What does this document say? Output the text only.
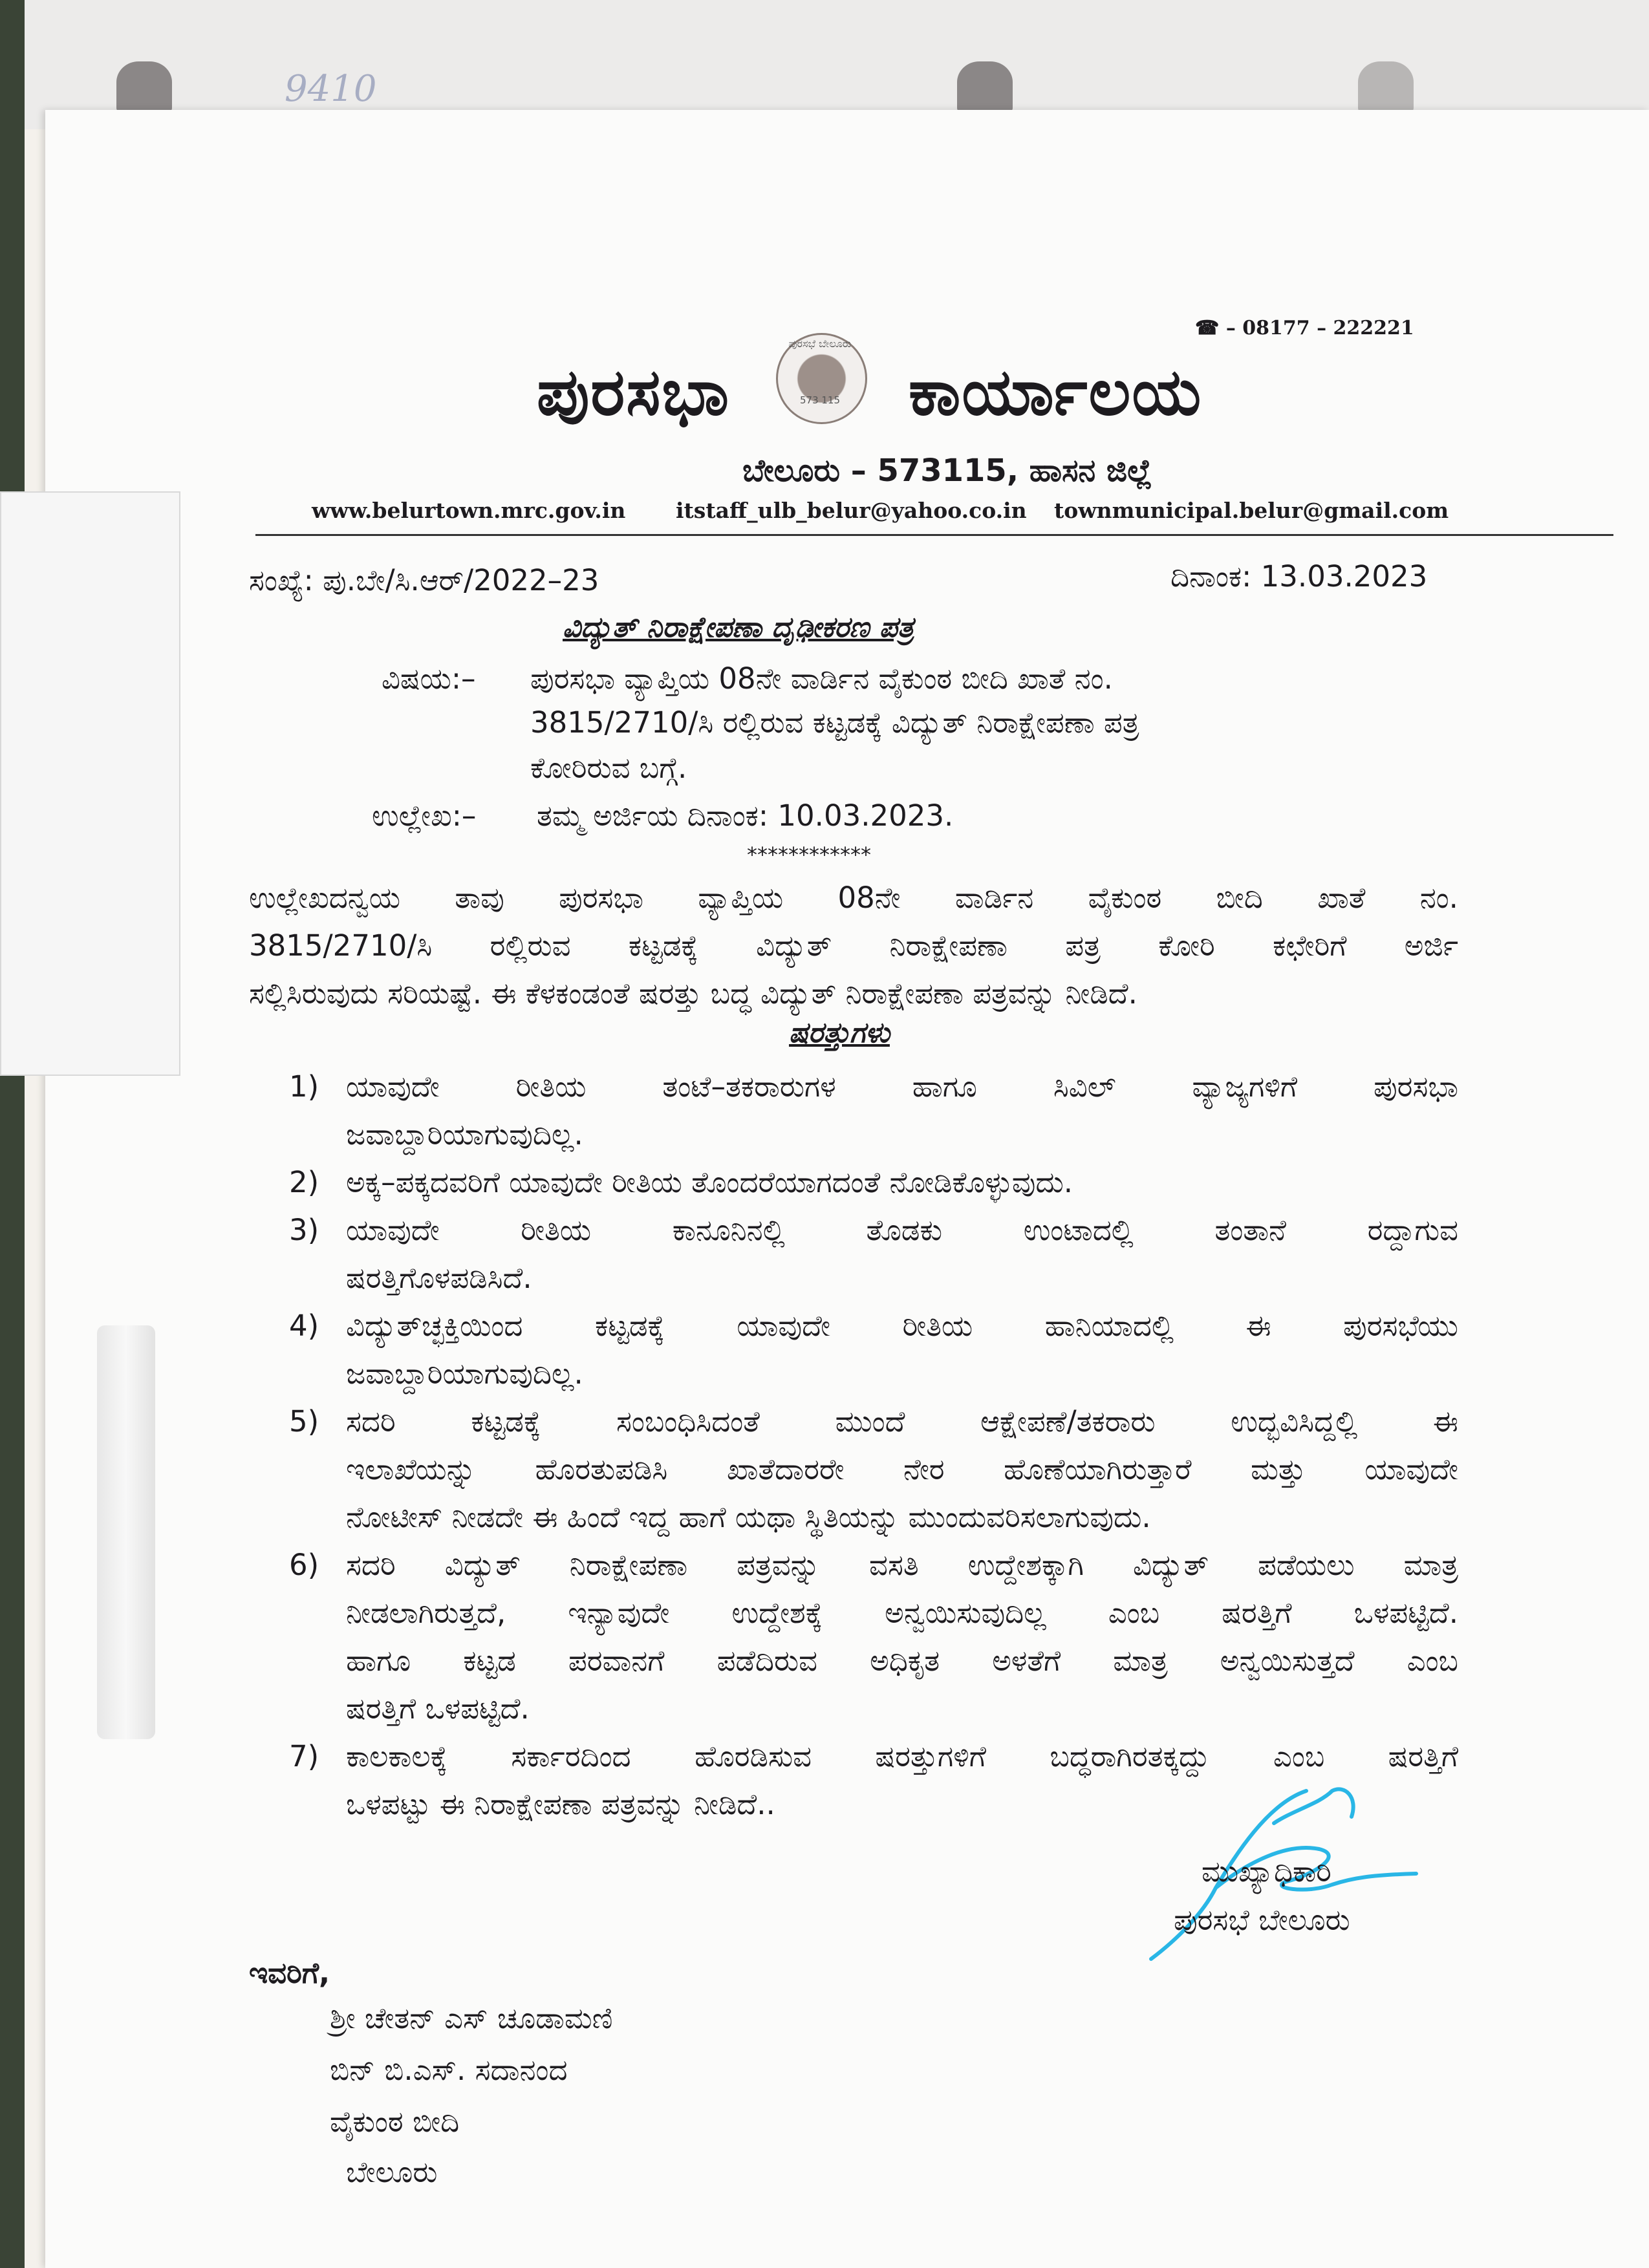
9410
☎ – 08177 – 222221
ಪುರಸಭಾ
ಪುರಸಭೆ ಬೇಲೂರು
573 115 ಕಾರ್ಯಾಲಯ
ಬೇಲೂರು – 573115, ಹಾಸನ ಜಿಲ್ಲೆ
www.belurtown.mrc.gov.in itstaff_ulb_belur@yahoo.co.in townmunicipal.belur@gmail.com
ಸಂಖ್ಯೆ: ಪು.ಬೇ/ಸಿ.ಆರ್/2022–23	ದಿನಾಂಕ: 13.03.2023
ವಿದ್ಯುತ್ ನಿರಾಕ್ಷೇಪಣಾ ದೃಢೀಕರಣ ಪತ್ರ
ವಿಷಯ:– ಪುರಸಭಾ ವ್ಯಾಪ್ತಿಯ 08ನೇ ವಾರ್ಡಿನ ವೈಕುಂಠ ಬೀದಿ ಖಾತೆ ನಂ.
3815/2710/ಸಿ ರಲ್ಲಿರುವ ಕಟ್ಟಡಕ್ಕೆ ವಿದ್ಯುತ್ ನಿರಾಕ್ಷೇಪಣಾ ಪತ್ರ
ಕೋರಿರುವ ಬಗ್ಗೆ.
ಉಲ್ಲೇಖ:– ತಮ್ಮ ಅರ್ಜಿಯ ದಿನಾಂಕ: 10.03.2023.
************
ಉಲ್ಲೇಖದನ್ವಯ ತಾವು ಪುರಸಭಾ ವ್ಯಾಪ್ತಿಯ 08ನೇ ವಾರ್ಡಿನ ವೈಕುಂಠ ಬೀದಿ ಖಾತೆ ನಂ.
3815/2710/ಸಿ ರಲ್ಲಿರುವ ಕಟ್ಟಡಕ್ಕೆ ವಿದ್ಯುತ್ ನಿರಾಕ್ಷೇಪಣಾ ಪತ್ರ ಕೋರಿ ಕಛೇರಿಗೆ ಅರ್ಜಿ
ಸಲ್ಲಿಸಿರುವುದು ಸರಿಯಷ್ಟೆ. ಈ ಕೆಳಕಂಡಂತೆ ಷರತ್ತು ಬದ್ಧ ವಿದ್ಯುತ್ ನಿರಾಕ್ಷೇಪಣಾ ಪತ್ರವನ್ನು ನೀಡಿದೆ.
ಷರತ್ತುಗಳು
1) ಯಾವುದೇ ರೀತಿಯ ತಂಟೆ–ತಕರಾರುಗಳ ಹಾಗೂ ಸಿವಿಲ್ ವ್ಯಾಜ್ಯಗಳಿಗೆ ಪುರಸಭಾ
ಜವಾಬ್ದಾರಿಯಾಗುವುದಿಲ್ಲ.
2) ಅಕ್ಕ–ಪಕ್ಕದವರಿಗೆ ಯಾವುದೇ ರೀತಿಯ ತೊಂದರೆಯಾಗದಂತೆ ನೋಡಿಕೊಳ್ಳುವುದು.
3) ಯಾವುದೇ ರೀತಿಯ ಕಾನೂನಿನಲ್ಲಿ ತೊಡಕು ಉಂಟಾದಲ್ಲಿ ತಂತಾನೆ ರದ್ದಾಗುವ
ಷರತ್ತಿಗೊಳಪಡಿಸಿದೆ.
4) ವಿದ್ಯುತ್‌ಚ್ಛಕ್ತಿಯಿಂದ ಕಟ್ಟಡಕ್ಕೆ ಯಾವುದೇ ರೀತಿಯ ಹಾನಿಯಾದಲ್ಲಿ ಈ ಪುರಸಭೆಯು
ಜವಾಬ್ದಾರಿಯಾಗುವುದಿಲ್ಲ.
5) ಸದರಿ ಕಟ್ಟಡಕ್ಕೆ ಸಂಬಂಧಿಸಿದಂತೆ ಮುಂದೆ ಆಕ್ಷೇಪಣೆ/ತಕರಾರು ಉದ್ಭವಿಸಿದ್ದಲ್ಲಿ ಈ
ಇಲಾಖೆಯನ್ನು ಹೊರತುಪಡಿಸಿ ಖಾತೆದಾರರೇ ನೇರ ಹೊಣೆಯಾಗಿರುತ್ತಾರೆ ಮತ್ತು ಯಾವುದೇ
ನೋಟೀಸ್ ನೀಡದೇ ಈ ಹಿಂದೆ ಇದ್ದ ಹಾಗೆ ಯಥಾ ಸ್ಥಿತಿಯನ್ನು ಮುಂದುವರಿಸಲಾಗುವುದು.
6) ಸದರಿ ವಿದ್ಯುತ್ ನಿರಾಕ್ಷೇಪಣಾ ಪತ್ರವನ್ನು ವಸತಿ ಉದ್ದೇಶಕ್ಕಾಗಿ ವಿದ್ಯುತ್ ಪಡೆಯಲು ಮಾತ್ರ
ನೀಡಲಾಗಿರುತ್ತದೆ, ಇನ್ಯಾವುದೇ ಉದ್ದೇಶಕ್ಕೆ ಅನ್ವಯಿಸುವುದಿಲ್ಲ ಎಂಬ ಷರತ್ತಿಗೆ ಒಳಪಟ್ಟಿದೆ.
ಹಾಗೂ ಕಟ್ಟಡ ಪರವಾನಗೆ ಪಡೆದಿರುವ ಅಧಿಕೃತ ಅಳತೆಗೆ ಮಾತ್ರ ಅನ್ವಯಿಸುತ್ತದೆ ಎಂಬ
ಷರತ್ತಿಗೆ ಒಳಪಟ್ಟಿದೆ.
7) ಕಾಲಕಾಲಕ್ಕೆ ಸರ್ಕಾರದಿಂದ ಹೊರಡಿಸುವ ಷರತ್ತುಗಳಿಗೆ ಬದ್ಧರಾಗಿರತಕ್ಕದ್ದು ಎಂಬ ಷರತ್ತಿಗೆ
ಒಳಪಟ್ಟು ಈ ನಿರಾಕ್ಷೇಪಣಾ ಪತ್ರವನ್ನು ನೀಡಿದೆ..
ಮುಖ್ಯಾಧಿಕಾರಿ
ಪುರಸಭೆ ಬೇಲೂರು
ಇವರಿಗೆ,
ಶ್ರೀ ಚೇತನ್ ಎಸ್ ಚೂಡಾಮಣಿ
ಬಿನ್ ಬಿ.ಎಸ್. ಸದಾನಂದ
ವೈಕುಂಠ ಬೀದಿ
ಬೇಲೂರು
